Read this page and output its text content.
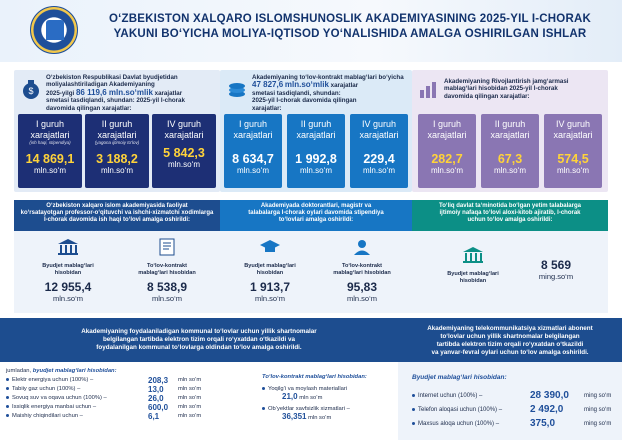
O‘ZBEKISTON XALQARO ISLOMSHUNOSLIK AKADEMIYASINING 2025-YIL I-CHORAK
YAKUNI BO‘YICHA MOLIYA-IQTISOD YO‘NALISHIDA AMALGA OSHIRILGAN ISHLAR
$
O‘zbekiston Respublikasi Davlat byudjetidan
moliyalashtiriladigan Akademiyaning
2025-yilgi 86 119,6 mln.so‘mlik xarajatlar
smetasi tasdiqlandi, shundan: 2025-yil I-chorak
davomida qilingan xarajatlar:
I guruh
xarajatlari
(ish haqi, stipendiya)
14 869,1
mln.so‘m
II guruh
xarajatlari
(yagona ijtimoiy to‘lov)
3 188,2
mln.so‘m
IV guruh
xarajatlari
5 842,3
mln.so‘m
Akademiyaning to‘lov-kontrakt mablag‘lari bo‘yicha
47 827,6 mln.so‘mlik xarajatlar
smetasi tasdiqlandi, shundan:
2025-yil I-chorak davomida qilingan
xarajatlar:
I guruh
xarajatlari
8 634,7
mln.so‘m
II guruh
xarajatlari
1 992,8
mln.so‘m
IV guruh
xarajatlari
229,4
mln.so‘m
Akademiyaning Rivojlantirish jamg‘armasi
mablag‘lari hisobidan 2025-yil I-chorak
davomida qilingan xarajatlar:
I guruh
xarajatlari
282,7
mln.so‘m
II guruh
xarajatlari
67,3
mln.so‘m
IV guruh
xarajatlari
574,5
mln.so‘m
O‘zbekiston xalqaro islom akademiyasida faoliyat
ko‘rsatayotgan professor-o‘qituvchi va ishchi-xizmatchi xodimlarga
I-chorak davomida ish haqi to‘lovi amalga oshirildi:
Byudjet mablag‘lari
hisobidan
12 955,4
mln.so‘m
To‘lov-kontrakt
mablag‘lari hisobidan
8 538,9
mln.so‘m
Akademiyada doktorantlari, magistr va
talabalarga I-chorak oylari davomida stipendiya
to‘lovlari amalga oshirildi:
Byudjet mablag‘lari
hisobidan
1 913,7
mln.so‘m
To‘lov-kontrakt
mablag‘lari hisobidan
95,83
mln.so‘m
To‘liq davlat ta‘minotida bo‘lgan yetim talabalarga
ijtimoiy nafaqa to‘lovi aloxi-kitob ajiratib, I-chorak
uchun to‘lov amalga oshirildi:
Byudjet mablag‘lari
hisobidan
8 569
ming.so‘m
Akademiyaning foydalaniladigan kommunal to‘lovlar uchun yillik shartnomalar
belgilangan tartibda elektron tizim orqali ro‘yxatdan o‘tkazildi va
foydalanilgan kommunal to‘lovlarga oldindan to‘lov amalga oshirildi.
jumladan, byudjet mablag‘lari hisobidan:
Elektr energiya uchun (100%) –	208,3 mln so‘m
Tabiiy gaz uchun (100%) –	13,0 mln so‘m
Sovuq suv va oqava uchun (100%) –	26,0 mln so‘m
Issiqlik energiya manbai uchun –	600,0 mln so‘m
Maishiy chiqindilari uchun –	6,1	mln so‘m
To‘lov-kontrakt mablag‘lari hisobidan:
Yoqilg‘i va moylash materiallari
21,0 mln so‘m
Ob‘yektlar xavfsizlik xizmatlari –
36,351 mln so‘m
Akademiyaning telekommunikatsiya xizmatlari abonent
to‘lovlar uchun yillik shartnomalar belgilangan
tartibda elektron tizim orqali ro‘yxatdan o‘tkazildi
va yanvar-fevral oylari uchun to‘lov amalga oshirildi.
Byudjet mablag‘lari hisobidan:
Internet uchun (100%) –	28 390,0	ming so‘m
Telefon aloqasi uchun (100%) –	2 492,0	ming so‘m
Maxsus aloqa uchun (100%) –	375,0	ming so‘m
